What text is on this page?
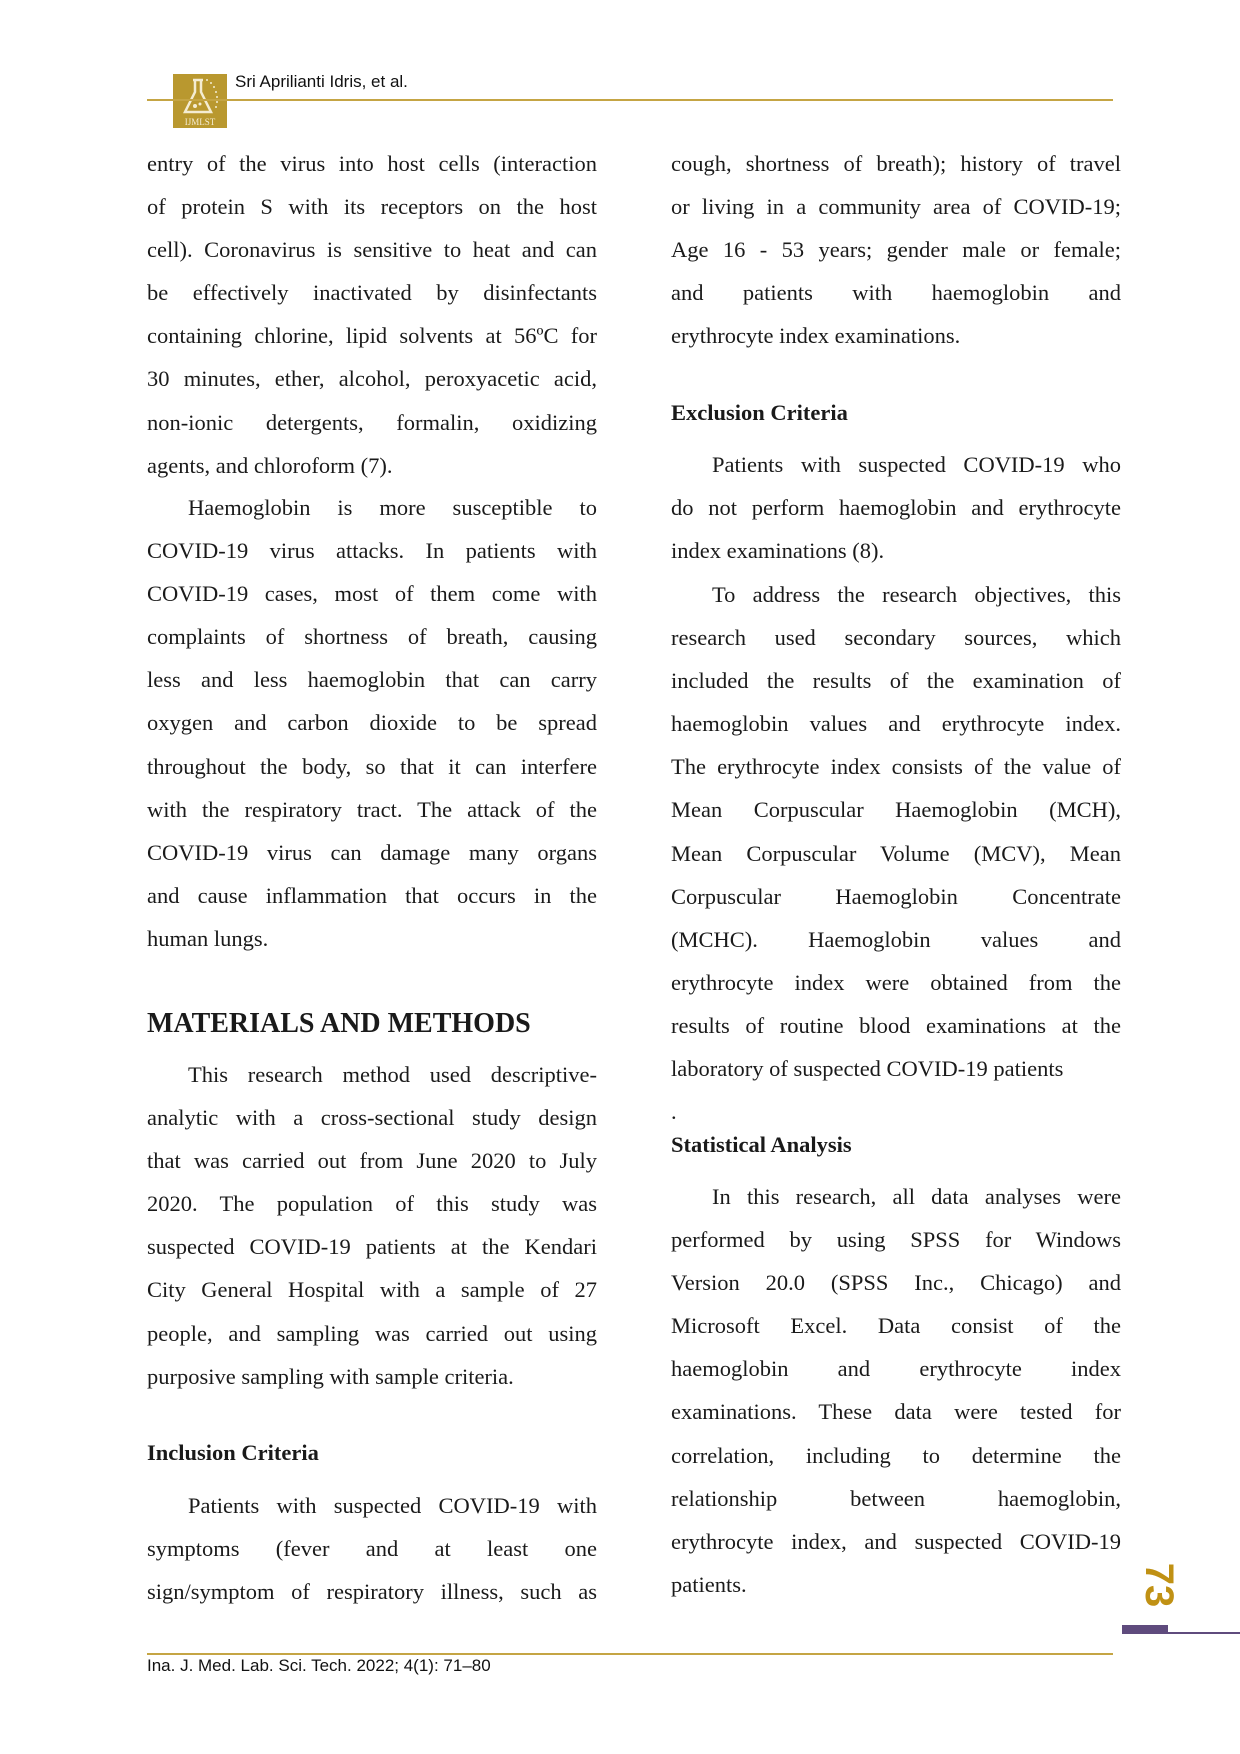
IJMLST
Sri Aprilianti Idris, et al.
entry of the virus into host cells (interaction
of protein S with its receptors on the host
cell). Coronavirus is sensitive to heat and can
be effectively inactivated by disinfectants
containing chlorine, lipid solvents at 56ºC for
30 minutes, ether, alcohol, peroxyacetic acid,
non-ionic detergents, formalin, oxidizing
agents, and chloroform (7).
Haemoglobin is more susceptible to
COVID-19 virus attacks. In patients with
COVID-19 cases, most of them come with
complaints of shortness of breath, causing
less and less haemoglobin that can carry
oxygen and carbon dioxide to be spread
throughout the body, so that it can interfere
with the respiratory tract. The attack of the
COVID-19 virus can damage many organs
and cause inflammation that occurs in the
human lungs.
MATERIALS AND METHODS
This research method used descriptive-
analytic with a cross-sectional study design
that was carried out from June 2020 to July
2020. The population of this study was
suspected COVID-19 patients at the Kendari
City General Hospital with a sample of 27
people, and sampling was carried out using
purposive sampling with sample criteria.
Inclusion Criteria
Patients with suspected COVID-19 with
symptoms (fever and at least one
sign/symptom of respiratory illness, such as
cough, shortness of breath); history of travel
or living in a community area of COVID-19;
Age 16 - 53 years; gender male or female;
and patients with haemoglobin and
erythrocyte index examinations.
Exclusion Criteria
Patients with suspected COVID-19 who
do not perform haemoglobin and erythrocyte
index examinations (8).
To address the research objectives, this
research used secondary sources, which
included the results of the examination of
haemoglobin values and erythrocyte index.
The erythrocyte index consists of the value of
Mean Corpuscular Haemoglobin (MCH),
Mean Corpuscular Volume (MCV), Mean
Corpuscular Haemoglobin Concentrate
(MCHC). Haemoglobin values and
erythrocyte index were obtained from the
results of routine blood examinations at the
laboratory of suspected COVID-19 patients
.
Statistical Analysis
In this research, all data analyses were
performed by using SPSS for Windows
Version 20.0 (SPSS Inc., Chicago) and
Microsoft Excel. Data consist of the
haemoglobin and erythrocyte index
examinations. These data were tested for
correlation, including to determine the
relationship between haemoglobin,
erythrocyte index, and suspected COVID-19
patients.	73
Ina. J. Med. Lab. Sci. Tech. 2022; 4(1): 71–80
